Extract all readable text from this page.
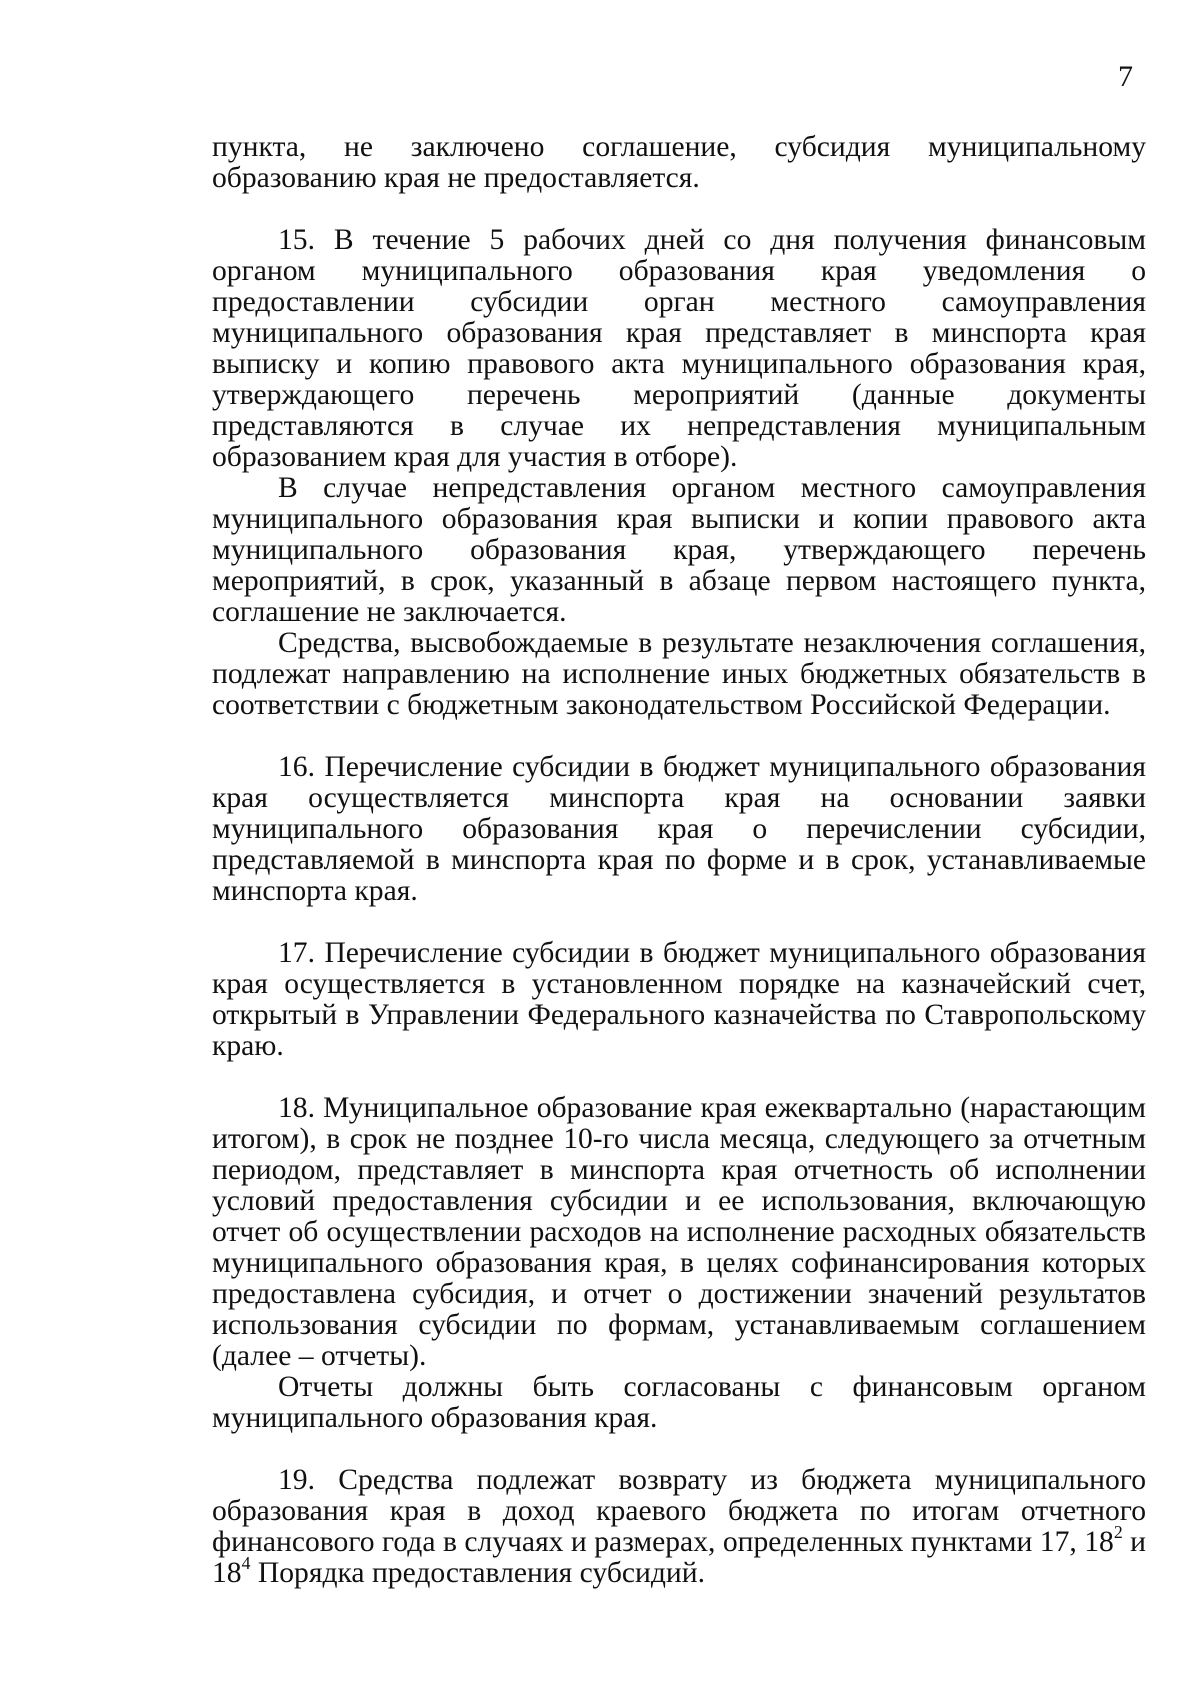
7

пункта, не заключено соглашение, субсидия муниципальному образованию края не предоставляется.

15. В течение 5 рабочих дней со дня получения финансовым органом муниципального образования края уведомления о предоставлении субсидии орган местного самоуправления муниципального образования края представляет в минспорта края выписку и копию правового акта муниципального образования края, утверждающего перечень мероприятий (данные документы представляются в случае их непредставления муниципальным образованием края для участия в отборе).

В случае непредставления органом местного самоуправления муниципального образования края выписки и копии правового акта муниципального образования края, утверждающего перечень мероприятий, в срок, указанный в абзаце первом настоящего пункта, соглашение не заключается.

Средства, высвобождаемые в результате незаключения соглашения, подлежат направлению на исполнение иных бюджетных обязательств в соответствии с бюджетным законодательством Российской Федерации.

16. Перечисление субсидии в бюджет муниципального образования края осуществляется минспорта края на основании заявки муниципального образования края о перечислении субсидии, представляемой в минспорта края по форме и в срок, устанавливаемые минспорта края.

17. Перечисление субсидии в бюджет муниципального образования края осуществляется в установленном порядке на казначейский счет, открытый в Управлении Федерального казначейства по Ставропольскому краю.

18. Муниципальное образование края ежеквартально (нарастающим итогом), в срок не позднее 10-го числа месяца, следующего за отчетным периодом, представляет в минспорта края отчетность об исполнении условий предоставления субсидии и ее использования, включающую отчет об осуществлении расходов на исполнение расходных обязательств муниципального образования края, в целях софинансирования которых предоставлена субсидия, и отчет о достижении значений результатов использования субсидии по формам, устанавливаемым соглашением (далее – отчеты).

Отчеты должны быть согласованы с финансовым органом муниципального образования края.

19. Средства подлежат возврату из бюджета муниципального образования края в доход краевого бюджета по итогам отчетного финансового года в случаях и размерах, определенных пунктами 17, $18^2$ и $18^4$ Порядка предоставления субсидий.
